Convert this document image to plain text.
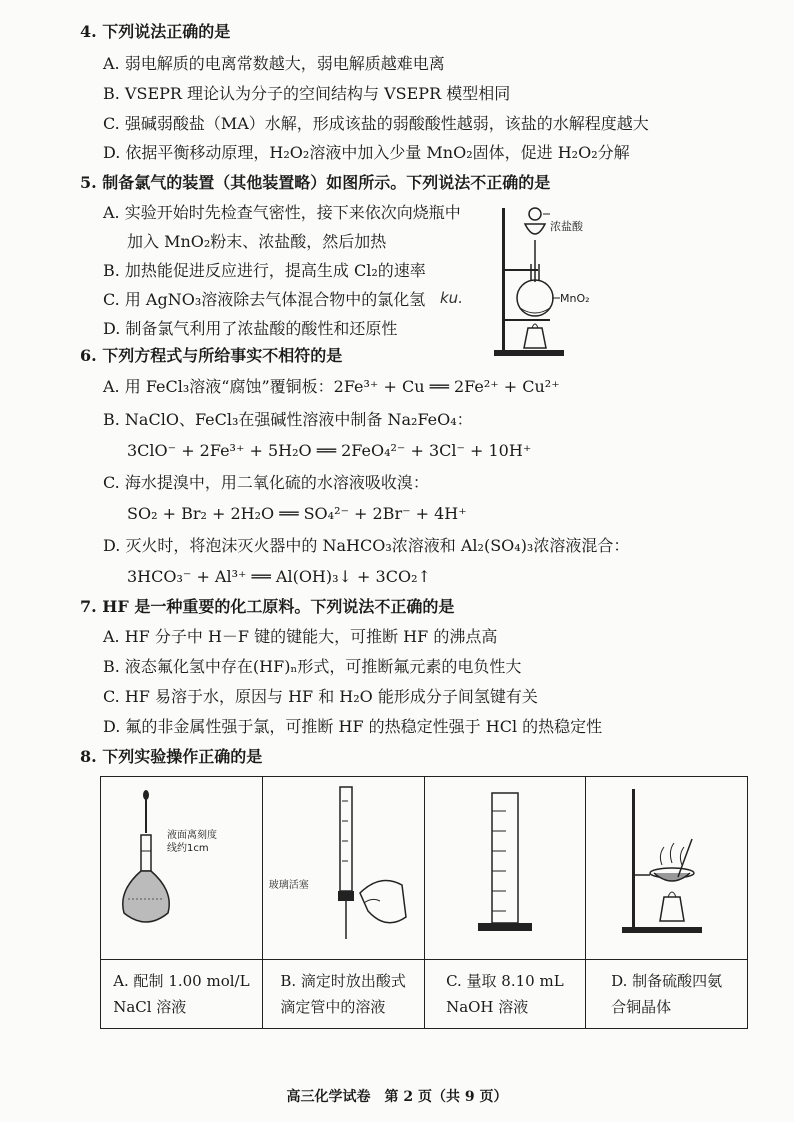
4. 下列说法正确的是
A. 弱电解质的电离常数越大，弱电解质越难电离
B. VSEPR 理论认为分子的空间结构与 VSEPR 模型相同
C. 强碱弱酸盐（MA）水解，形成该盐的弱酸酸性越弱，该盐的水解程度越大
D. 依据平衡移动原理，H₂O₂溶液中加入少量 MnO₂固体，促进 H₂O₂分解
5. 制备氯气的装置（其他装置略）如图所示。下列说法不正确的是
A. 实验开始时先检查气密性，接下来依次向烧瓶中
加入 MnO₂粉末、浓盐酸，然后加热
B. 加热能促进反应进行，提高生成 Cl₂的速率
C. 用 AgNO₃溶液除去气体混合物中的氯化氢 ku.
D. 制备氯气利用了浓盐酸的酸性和还原性
浓盐酸
MnO₂
6. 下列方程式与所给事实不相符的是
A. 用 FeCl₃溶液“腐蚀”覆铜板：2Fe³⁺ + Cu ══ 2Fe²⁺ + Cu²⁺
B. NaClO、FeCl₃在强碱性溶液中制备 Na₂FeO₄：
3ClO⁻ + 2Fe³⁺ + 5H₂O ══ 2FeO₄²⁻ + 3Cl⁻ + 10H⁺
C. 海水提溴中，用二氧化硫的水溶液吸收溴：
SO₂ + Br₂ + 2H₂O ══ SO₄²⁻ + 2Br⁻ + 4H⁺
D. 灭火时，将泡沫灭火器中的 NaHCO₃浓溶液和 Al₂(SO₄)₃浓溶液混合：
3HCO₃⁻ + Al³⁺ ══ Al(OH)₃↓ + 3CO₂↑
7. HF 是一种重要的化工原料。下列说法不正确的是
A. HF 分子中 H－F 键的键能大，可推断 HF 的沸点高
B. 液态氟化氢中存在(HF)ₙ形式，可推断氟元素的电负性大
C. HF 易溶于水，原因与 HF 和 H₂O 能形成分子间氢键有关
D. 氟的非金属性强于氯，可推断 HF 的热稳定性强于 HCl 的热稳定性
8. 下列实验操作正确的是
液面离刻度
线约1cm	玻璃活塞

A. 配制 1.00 mol/L
NaCl 溶液	B. 滴定时放出酸式
滴定管中的溶液	C. 量取 8.10 mL
NaOH 溶液	D. 制备硫酸四氨
合铜晶体
高三化学试卷　第 2 页（共 9 页）
